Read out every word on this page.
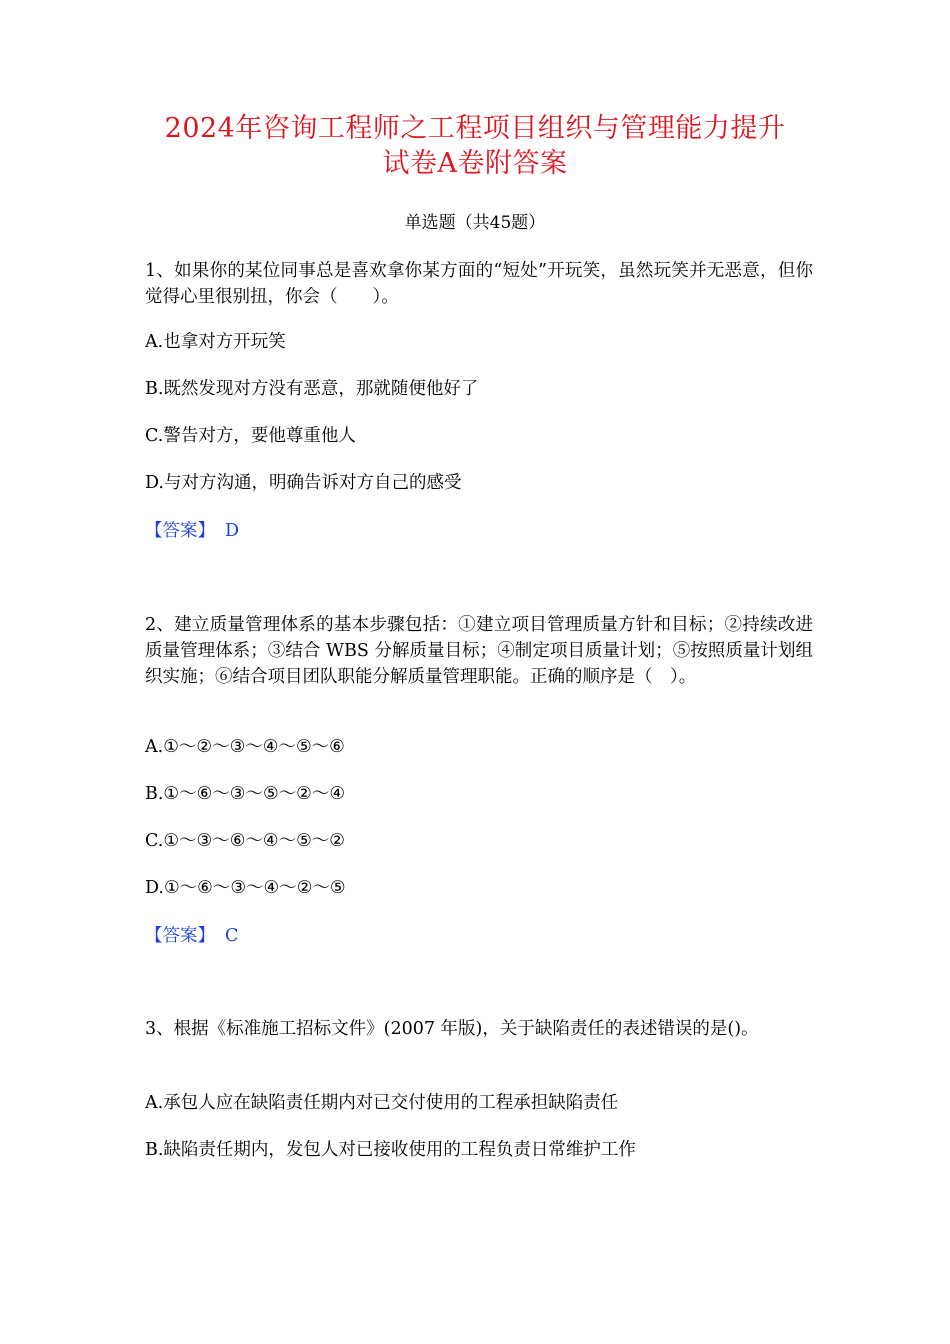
2024年咨询工程师之工程项目组织与管理能力提升
试卷A卷附答案
单选题（共45题）
1、如果你的某位同事总是喜欢拿你某方面的“短处”开玩笑，虽然玩笑并无恶意，但你觉得心里很别扭，你会（　　）。
A.也拿对方开玩笑
B.既然发现对方没有恶意，那就随便他好了
C.警告对方，要他尊重他人
D.与对方沟通，明确告诉对方自己的感受
【答案】 D
2、建立质量管理体系的基本步骤包括：①建立项目管理质量方针和目标；②持续改进质量管理体系；③结合 WBS 分解质量目标；④制定项目质量计划；⑤按照质量计划组织实施；⑥结合项目团队职能分解质量管理职能。正确的顺序是（　）。
A.①～②～③～④～⑤～⑥
B.①～⑥～③～⑤～②～④
C.①～③～⑥～④～⑤～②
D.①～⑥～③～④～②～⑤
【答案】 C
3、根据《标准施工招标文件》(2007 年版)，关于缺陷责任的表述错误的是()。
A.承包人应在缺陷责任期内对已交付使用的工程承担缺陷责任
B.缺陷责任期内，发包人对已接收使用的工程负责日常维护工作
